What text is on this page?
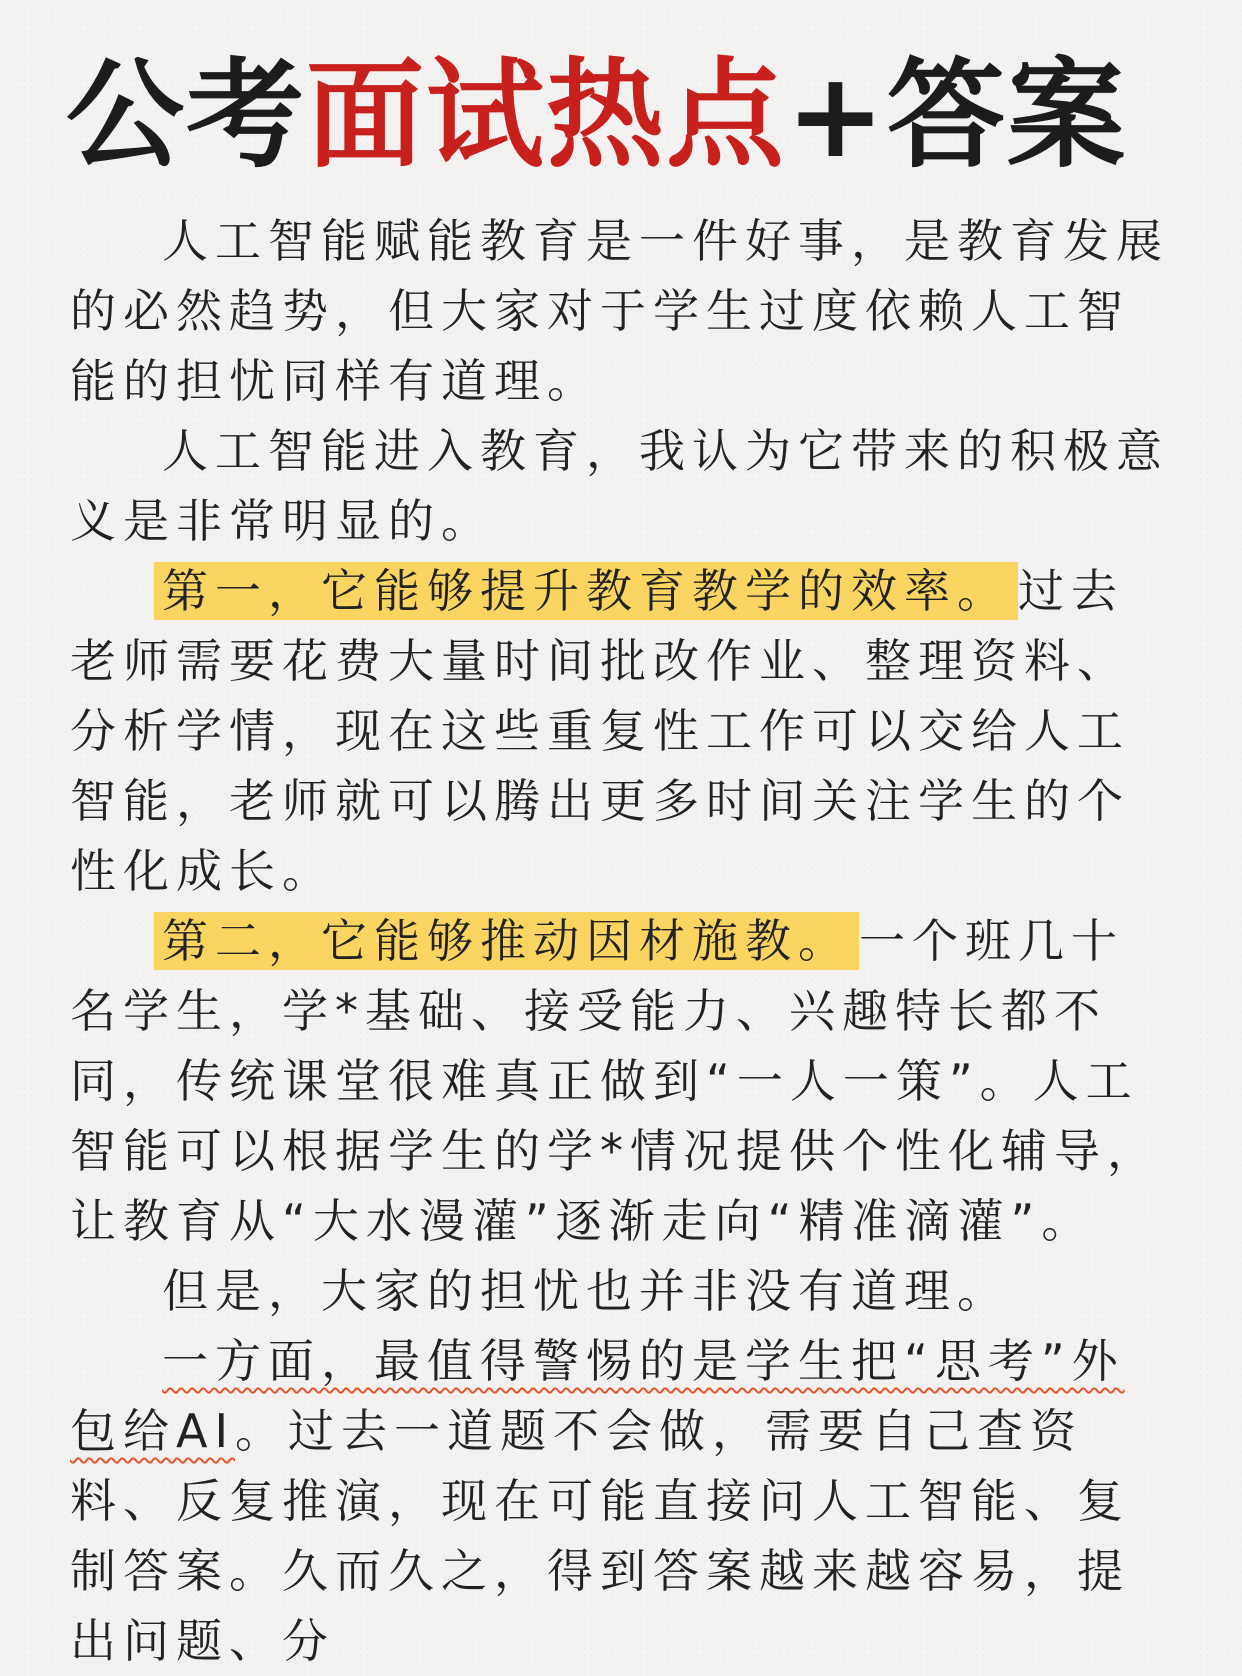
公考面试热点+答案

人工智能赋能教育是一件好事，是教育发展的必然趋势，但大家对于学生过度依赖人工智能的担忧同样有道理。

人工智能进入教育，我认为它带来的积极意义是非常明显的。

第一，它能够提升教育教学的效率。 过去老师需要花费大量时间批改作业、整理资料、分析学情，现在这些重复性工作可以交给人工智能，老师就可以腾出更多时间关注学生的个性化成长。

第二，它能够推动因材施教。 一个班几十名学生，学*基础、接受能力、兴趣特长都不同，传统课堂很难真正做到“一人一策”。人工智能可以根据学生的学*情况提供个性化辅导，让教育从“大水漫灌”逐渐走向“精准滴灌”。

但是，大家的担忧也并非没有道理。

一方面，最值得警惕的是学生把“思考”外包给AI。过去一道题不会做，需要自己查资料、反复推演，现在可能直接问人工智能、复制答案。久而久之，得到答案越来越容易，提出问题、分
